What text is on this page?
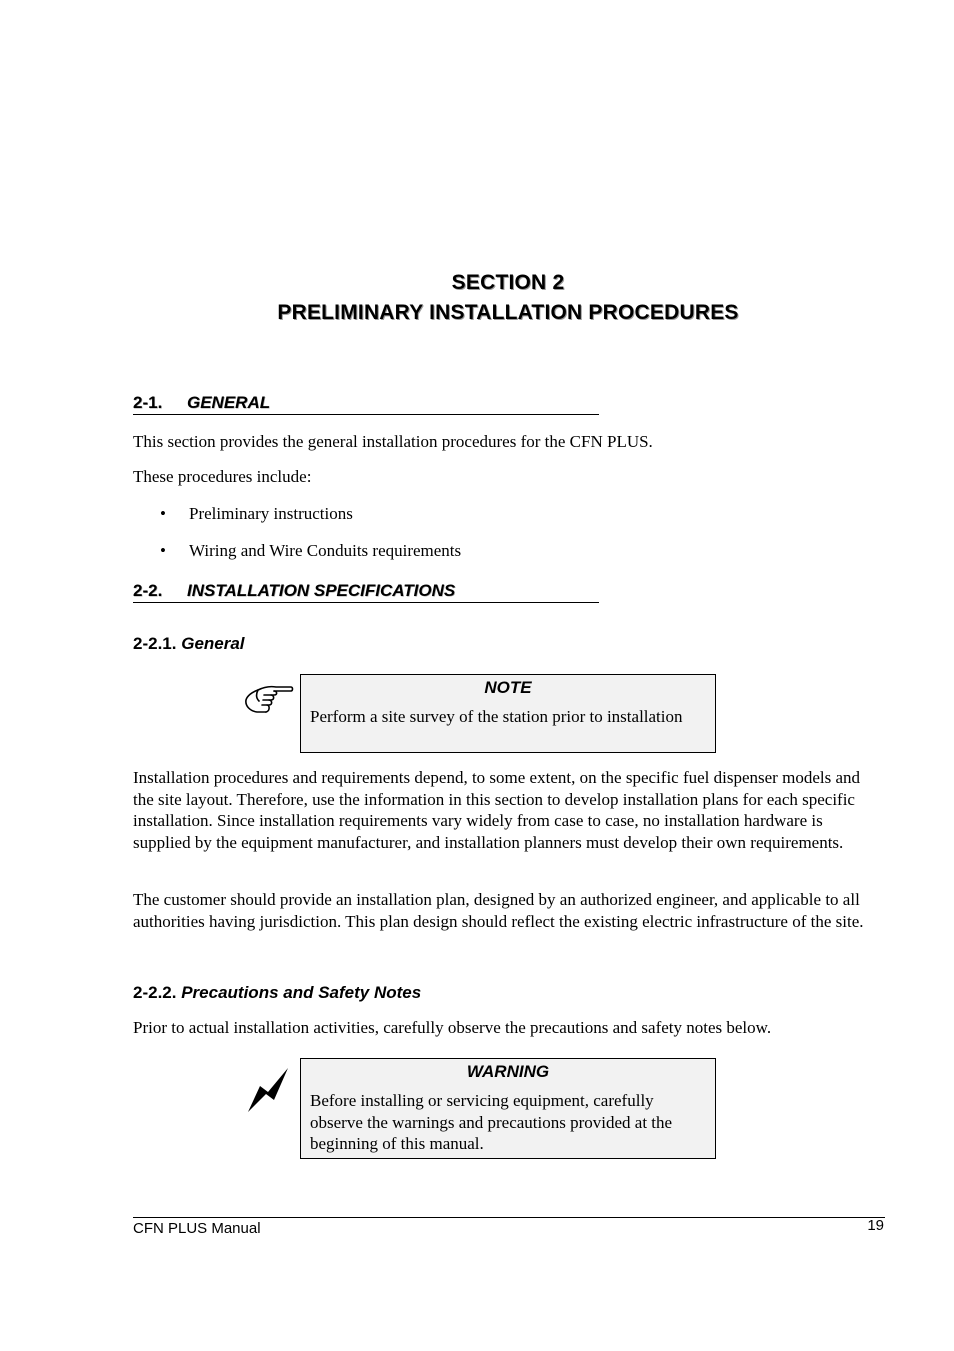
SECTION 2
PRELIMINARY INSTALLATION PROCEDURES
2-1. GENERAL
This section provides the general installation procedures for the CFN PLUS.
These procedures include:
• Preliminary instructions
• Wiring and Wire Conduits requirements
2-2. INSTALLATION SPECIFICATIONS
2-2.1. General
NOTE
Perform a site survey of the station prior to installation
Installation procedures and requirements depend, to some extent, on the specific fuel dispenser models and the site layout. Therefore, use the information in this section to develop installation plans for each specific installation. Since installation requirements vary widely from case to case, no installation hardware is supplied by the equipment manufacturer, and installation planners must develop their own requirements.
The customer should provide an installation plan, designed by an authorized engineer, and applicable to all authorities having jurisdiction. This plan design should reflect the existing electric infrastructure of the site.
2-2.2. Precautions and Safety Notes
Prior to actual installation activities, carefully observe the precautions and safety notes below.
WARNING
Before installing or servicing equipment, carefully observe the warnings and precautions provided at the beginning of this manual.
CFN PLUS Manual	19
